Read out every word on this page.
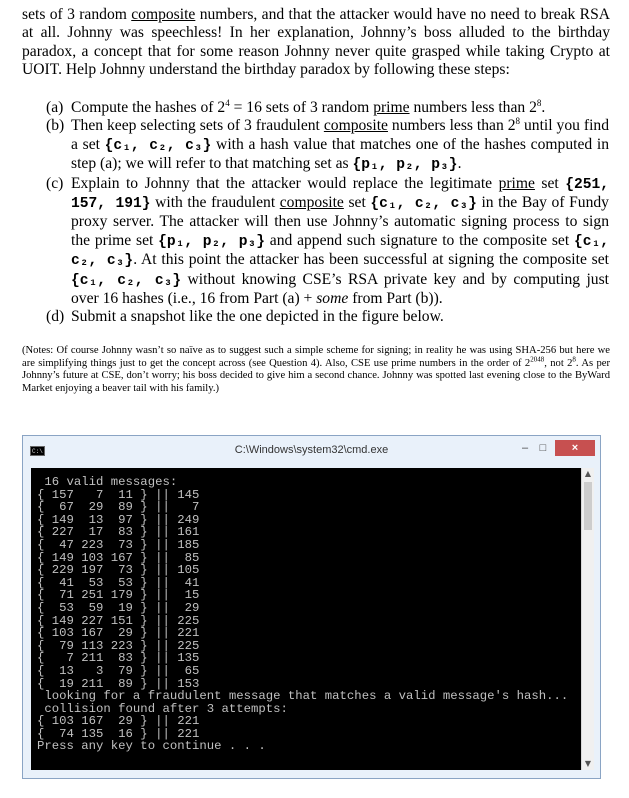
sets of 3 random composite numbers, and that the attacker would have no need to break RSA at all. Johnny was speechless! In her explanation, Johnny’s boss alluded to the birthday paradox, a concept that for some reason Johnny never quite grasped while taking Crypto at UOIT. Help Johnny understand the birthday paradox by following these steps:
(a) Compute the hashes of $2^4 = 16$ sets of 3 random prime numbers less than $2^8$.
(b) Then keep selecting sets of 3 fraudulent composite numbers less than $2^8$ until you find a set {c₁, c₂, c₃} with a hash value that matches one of the hashes computed in step (a); we will refer to that matching set as {p₁, p₂, p₃}.
(c) Explain to Johnny that the attacker would replace the legitimate prime set {251, 157, 191} with the fraudulent composite set {c₁, c₂, c₃} in the Bay of Fundy proxy server. The attacker will then use Johnny’s automatic signing process to sign the prime set {p₁, p₂, p₃} and append such signature to the composite set {c₁, c₂, c₃}. At this point the attacker has been successful at signing the composite set {c₁, c₂, c₃} without knowing CSE’s RSA private key and by computing just over 16 hashes (i.e., 16 from Part (a) + some from Part (b)).
(d) Submit a snapshot like the one depicted in the figure below.
(Notes: Of course Johnny wasn’t so naïve as to suggest such a simple scheme for signing; in reality he was using SHA-256 but here we are simplifying things just to get the concept across (see Question 4). Also, CSE use prime numbers in the order of $2^{2048}$, not $2^8$. As per Johnny’s future at CSE, don’t worry; his boss decided to give him a second chance. Johnny was spotted last evening close to the ByWard Market enjoying a beaver tail with his family.)
C:\	C:\Windows\system32\cmd.exe	–	□	×
16 valid messages:
{ 157   7  11 } || 145
{  67  29  89 } ||   7
{ 149  13  97 } || 249
{ 227  17  83 } || 161
{  47 223  73 } || 185
{ 149 103 167 } ||  85
{ 229 197  73 } || 105
{  41  53  53 } ||  41
{  71 251 179 } ||  15
{  53  59  19 } ||  29
{ 149 227 151 } || 225
{ 103 167  29 } || 221
{  79 113 223 } || 225
{   7 211  83 } || 135
{  13   3  79 } ||  65
{  19 211  89 } || 153
looking for a fraudulent message that matches a valid message's hash...
collision found after 3 attempts:
{ 103 167  29 } || 221
{  74 135  16 } || 221
Press any key to continue . . .
▲
▼
